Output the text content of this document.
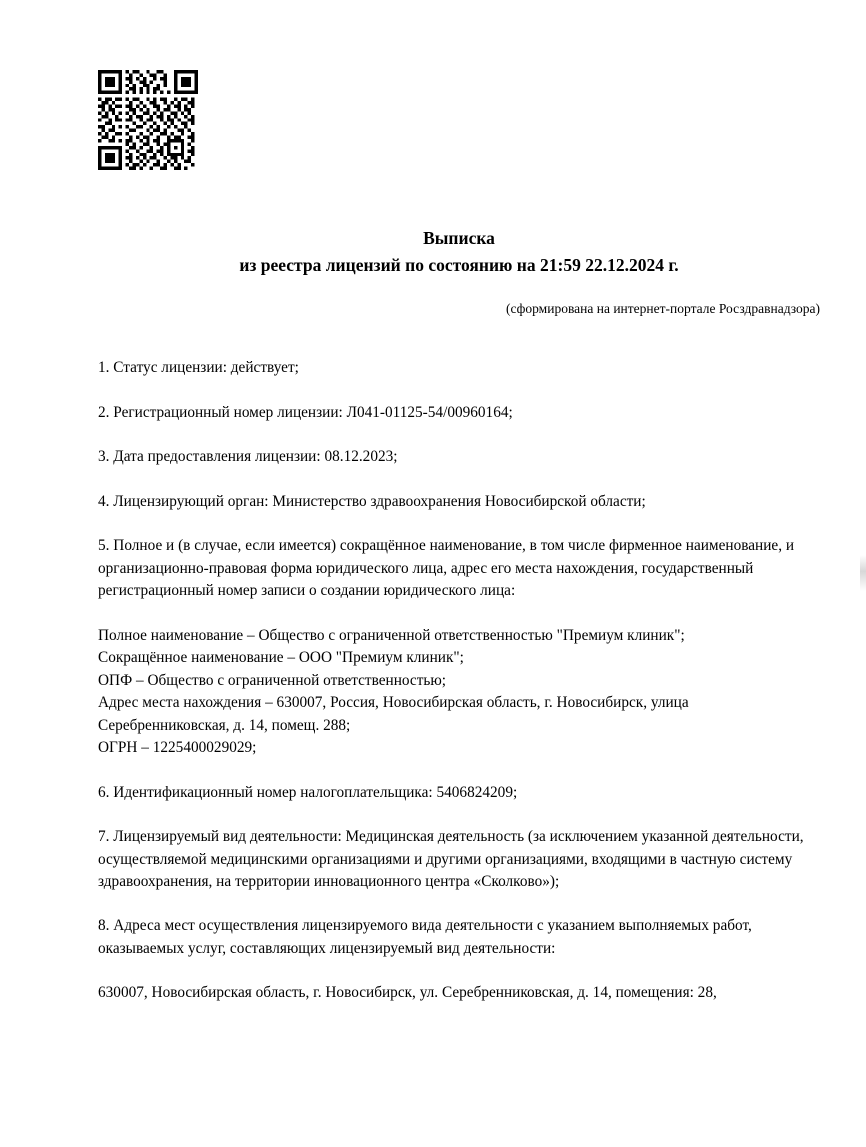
Выписка
из реестра лицензий по состоянию на 21:59 22.12.2024 г.

(сформирована на интернет-портале Росздравнадзора)

1. Статус лицензии: действует;

2. Регистрационный номер лицензии: Л041-01125-54/00960164;

3. Дата предоставления лицензии: 08.12.2023;

4. Лицензирующий орган: Министерство здравоохранения Новосибирской области;

5. Полное и (в случае, если имеется) сокращённое наименование, в том числе фирменное наименование, и организационно-правовая форма юридического лица, адрес его места нахождения, государственный регистрационный номер записи о создании юридического лица:

Полное наименование – Общество с ограниченной ответственностью "Премиум клиник";
Сокращённое наименование – ООО "Премиум клиник";
ОПФ – Общество с ограниченной ответственностью;
Адрес места нахождения – 630007, Россия, Новосибирская область, г. Новосибирск, улица
Серебренниковская, д. 14, помещ. 288;
ОГРН – 1225400029029;

6. Идентификационный номер налогоплательщика: 5406824209;

7. Лицензируемый вид деятельности: Медицинская деятельность (за исключением указанной деятельности, осуществляемой медицинскими организациями и другими организациями, входящими в частную систему здравоохранения, на территории инновационного центра «Сколково»);

8. Адреса мест осуществления лицензируемого вида деятельности с указанием выполняемых работ, оказываемых услуг, составляющих лицензируемый вид деятельности:

630007, Новосибирская область, г. Новосибирск, ул. Серебренниковская, д. 14, помещения: 28,
